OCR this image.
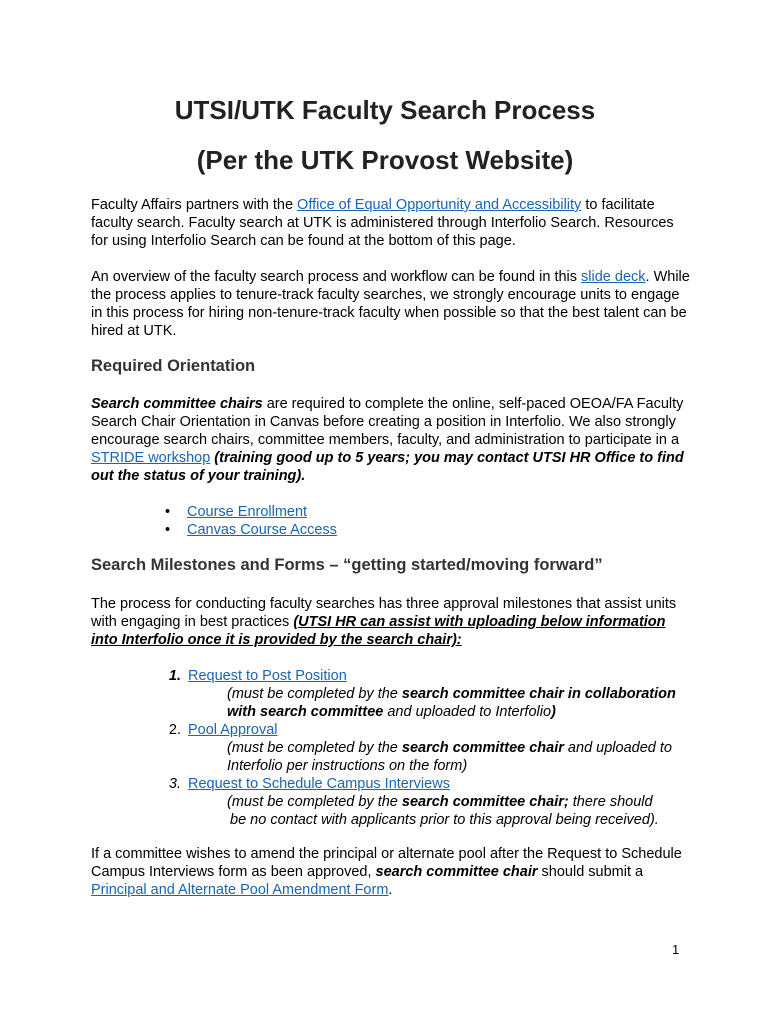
UTSI/UTK Faculty Search Process
(Per the UTK Provost Website)

Faculty Affairs partners with the Office of Equal Opportunity and Accessibility to facilitate faculty search. Faculty search at UTK is administered through Interfolio Search. Resources for using Interfolio Search can be found at the bottom of this page.

An overview of the faculty search process and workflow can be found in this slide deck. While the process applies to tenure-track faculty searches, we strongly encourage units to engage in this process for hiring non-tenure-track faculty when possible so that the best talent can be hired at UTK.

Required Orientation

Search committee chairs are required to complete the online, self-paced OEOA/FA Faculty Search Chair Orientation in Canvas before creating a position in Interfolio. We also strongly encourage search chairs, committee members, faculty, and administration to participate in a STRIDE workshop (training good up to 5 years; you may contact UTSI HR Office to find out the status of your training).

• Course Enrollment
• Canvas Course Access
Search Milestones and Forms – “getting started/moving forward”

The process for conducting faculty searches has three approval milestones that assist units with engaging in best practices (UTSI HR can assist with uploading below information into Interfolio once it is provided by the search chair):

1. Request to Post Position
(must be completed by the search committee chair in collaboration with search committee and uploaded to Interfolio)
2. Pool Approval
(must be completed by the search committee chair and uploaded to Interfolio per instructions on the form)
3. Request to Schedule Campus Interviews
(must be completed by the search committee chair; there should
be no contact with applicants prior to this approval being received).

If a committee wishes to amend the principal or alternate pool after the Request to Schedule Campus Interviews form as been approved, search committee chair should submit a Principal and Alternate Pool Amendment Form.

1
